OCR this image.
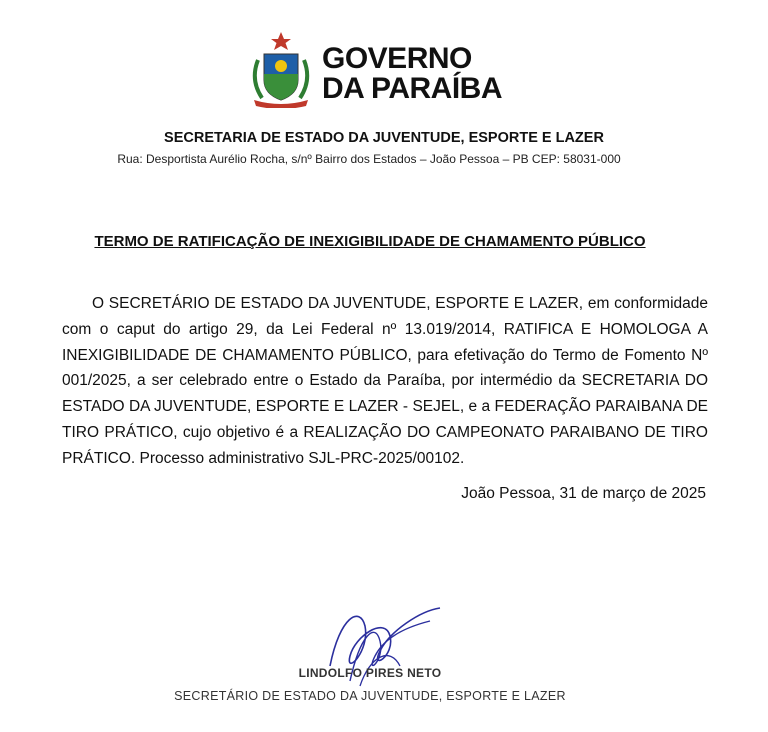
GOVERNO
DA PARAÍBA
SECRETARIA DE ESTADO DA JUVENTUDE, ESPORTE E LAZER
Rua: Desportista Aurélio Rocha, s/nº Bairro dos Estados – João Pessoa – PB CEP: 58031-000
TERMO DE RATIFICAÇÃO DE INEXIGIBILIDADE DE CHAMAMENTO PÚBLICO
O SECRETÁRIO DE ESTADO DA JUVENTUDE, ESPORTE E LAZER, em conformidade com o caput do artigo 29, da Lei Federal nº 13.019/2014, RATIFICA E HOMOLOGA A INEXIGIBILIDADE DE CHAMAMENTO PÚBLICO, para efetivação do Termo de Fomento Nº 001/2025, a ser celebrado entre o Estado da Paraíba, por intermédio da SECRETARIA DO ESTADO DA JUVENTUDE, ESPORTE E LAZER - SEJEL, e a FEDERAÇÃO PARAIBANA DE TIRO PRÁTICO, cujo objetivo é a REALIZAÇÃO DO CAMPEONATO PARAIBANO DE TIRO PRÁTICO. Processo administrativo SJL-PRC-2025/00102.
João Pessoa, 31 de março de 2025
LINDOLFO PIRES NETO
SECRETÁRIO DE ESTADO DA JUVENTUDE, ESPORTE E LAZER
